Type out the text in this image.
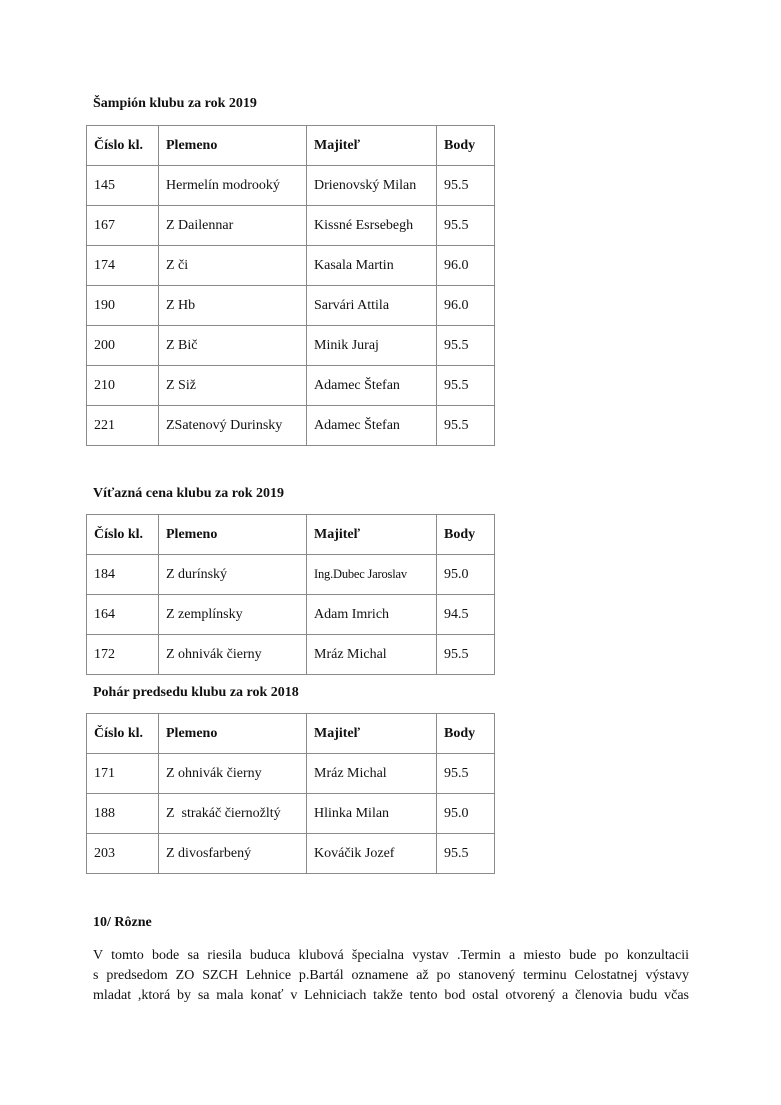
Šampión klubu za rok 2019
Číslo kl.	Plemeno	Majiteľ	Body
145	Hermelín modrooký	Drienovský Milan	95.5
167	Z Dailennar	Kissné Esrsebegh	95.5
174	Z či	Kasala Martin	96.0
190	Z Hb	Sarvári Attila	96.0
200	Z Bič	Minik Juraj	95.5
210	Z Siž	Adamec Štefan	95.5
221	ZSatenový Durinsky	Adamec Štefan	95.5
Víťazná cena klubu za rok 2019
Číslo kl.	Plemeno	Majiteľ	Body
184	Z durínský	Ing.Dubec Jaroslav	95.0
164	Z zemplínsky	Adam Imrich	94.5
172	Z ohnivák čierny	Mráz Michal	95.5
Pohár predsedu klubu za rok 2018
Číslo kl.	Plemeno	Majiteľ	Body
171	Z ohnivák čierny	Mráz Michal	95.5
188	Z  strakáč čiernožltý	Hlinka Milan	95.0
203	Z divosfarbený	Kováčik Jozef	95.5
10/ Rôzne
V tomto bode sa riesila buduca klubová špecialna vystav .Termin a miesto bude po konzultacii
s predsedom ZO SZCH Lehnice p.Bartál oznamene až po stanovený terminu Celostatnej výstavy
mladat ,ktorá by sa mala konať v Lehniciach takže tento bod ostal otvorený a členovia budu včas
